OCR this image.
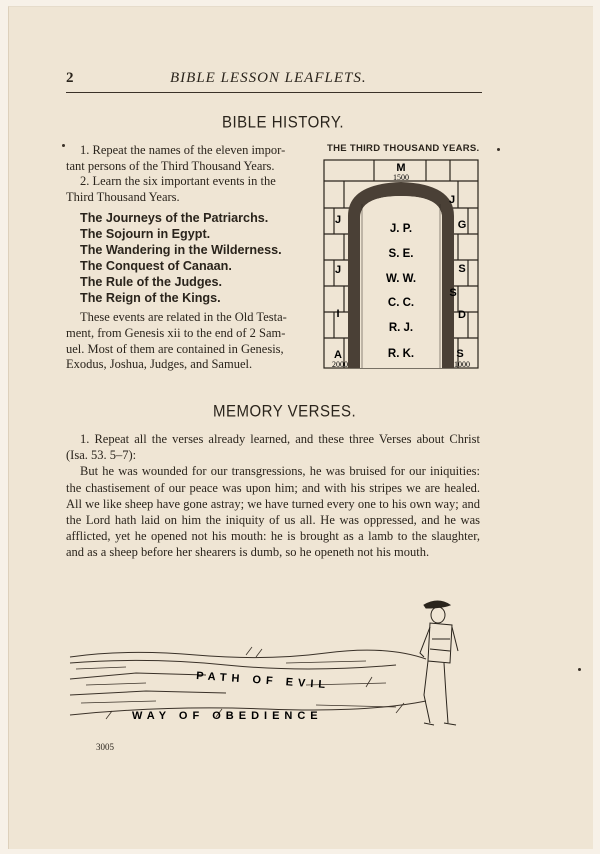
2	BIBLE LESSON LEAFLETS.
BIBLE HISTORY.
1. Repeat the names of the eleven impor-
tant persons of the Third Thousand Years.
2. Learn the six important events in the
Third Thousand Years.
The Journeys of the Patriarchs.
The Sojourn in Egypt.
The Wandering in the Wilderness.
The Conquest of Canaan.
The Rule of the Judges.
The Reign of the Kings.
These events are related in the Old Testa-
ment, from Genesis xii to the end of 2 Sam-
uel. Most of them are contained in Genesis,
Exodus, Joshua, Judges, and Samuel.
THE THIRD THOUSAND YEARS.
M
1500
J
J
I
A
2000
J
G
S
S
D
S
1000
J. P.
S. E.
W. W.
C. C.
R. J.
R. K.
MEMORY VERSES.

1. Repeat all the verses already learned, and these three Verses about Christ (Isa. 53. 5–7):

But he was wounded for our transgressions, he was bruised for our iniquities: the chastisement of our peace was upon him; and with his stripes we are healed. All we like sheep have gone astray; we have turned every one to his own way; and the Lord hath laid on him the iniquity of us all. He was oppressed, and he was afflicted, yet he opened not his mouth: he is brought as a lamb to the slaughter, and as a sheep before her shearers is dumb, so he openeth not his mouth.

PATH OF EVIL
WAY OF OBEDIENCE
3005
